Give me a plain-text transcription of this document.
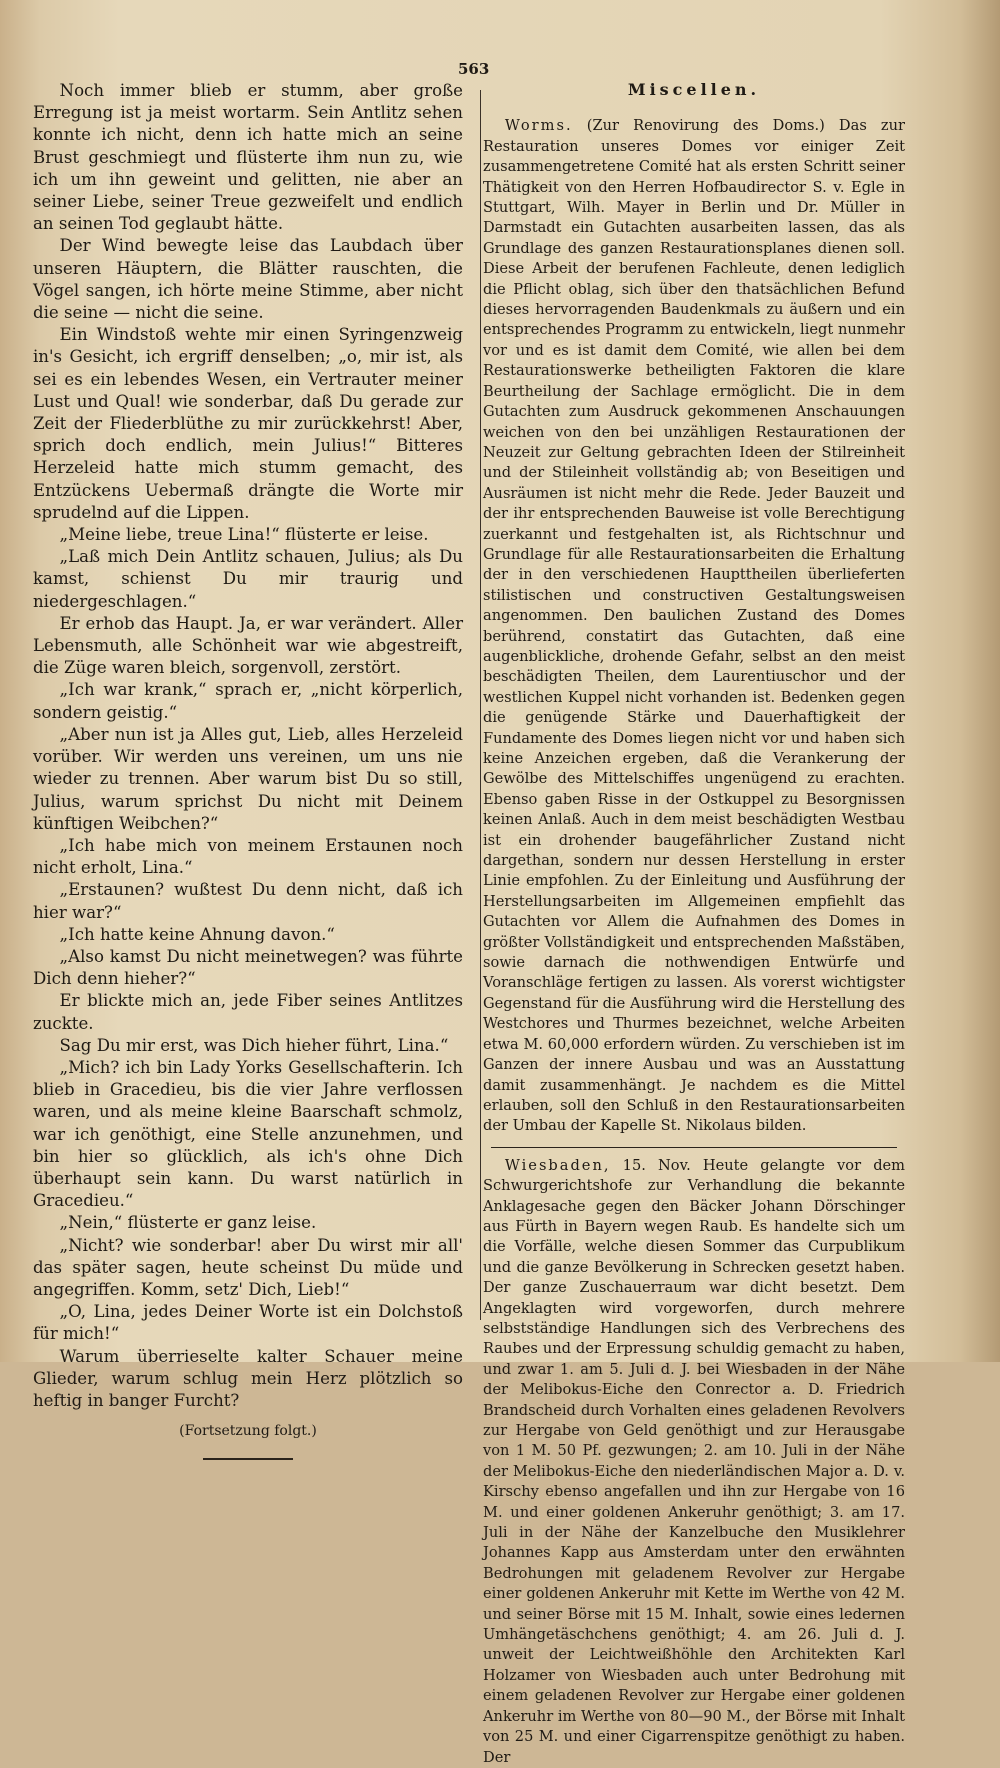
563

Noch immer blieb er stumm, aber große Erregung ist ja meist wortarm. Sein Antlitz sehen konnte ich nicht, denn ich hatte mich an seine Brust geschmiegt und flüsterte ihm nun zu, wie ich um ihn geweint und gelitten, nie aber an seiner Liebe, seiner Treue gezweifelt und endlich an seinen Tod geglaubt hätte.

Der Wind bewegte leise das Laubdach über unseren Häuptern, die Blätter rauschten, die Vögel sangen, ich hörte meine Stimme, aber nicht die seine — nicht die seine.

Ein Windstoß wehte mir einen Syringenzweig in's Gesicht, ich ergriff denselben; „o, mir ist, als sei es ein lebendes Wesen, ein Vertrauter meiner Lust und Qual! wie sonderbar, daß Du gerade zur Zeit der Fliederblüthe zu mir zurückkehrst! Aber, sprich doch endlich, mein Julius!“ Bitteres Herzeleid hatte mich stumm gemacht, des Entzückens Uebermaß drängte die Worte mir sprudelnd auf die Lippen.

„Meine liebe, treue Lina!“ flüsterte er leise.

„Laß mich Dein Antlitz schauen, Julius; als Du kamst, schienst Du mir traurig und niedergeschlagen.“

Er erhob das Haupt. Ja, er war verändert. Aller Lebensmuth, alle Schönheit war wie abgestreift, die Züge waren bleich, sorgenvoll, zerstört.

„Ich war krank,“ sprach er, „nicht körperlich, sondern geistig.“

„Aber nun ist ja Alles gut, Lieb, alles Herzeleid vorüber. Wir werden uns vereinen, um uns nie wieder zu trennen. Aber warum bist Du so still, Julius, warum sprichst Du nicht mit Deinem künftigen Weibchen?“

„Ich habe mich von meinem Erstaunen noch nicht erholt, Lina.“

„Erstaunen? wußtest Du denn nicht, daß ich hier war?“

„Ich hatte keine Ahnung davon.“

„Also kamst Du nicht meinetwegen? was führte Dich denn hieher?“

Er blickte mich an, jede Fiber seines Antlitzes zuckte.

Sag Du mir erst, was Dich hieher führt, Lina.“

„Mich? ich bin Lady Yorks Gesellschafterin. Ich blieb in Gracedieu, bis die vier Jahre verflossen waren, und als meine kleine Baarschaft schmolz, war ich genöthigt, eine Stelle anzunehmen, und bin hier so glücklich, als ich's ohne Dich überhaupt sein kann. Du warst natürlich in Gracedieu.“

„Nein,“ flüsterte er ganz leise.

„Nicht? wie sonderbar! aber Du wirst mir all' das später sagen, heute scheinst Du müde und angegriffen. Komm, setz' Dich, Lieb!“

„O, Lina, jedes Deiner Worte ist ein Dolchstoß für mich!“

Warum überrieselte kalter Schauer meine Glieder, warum schlug mein Herz plötzlich so heftig in banger Furcht?

(Fortsetzung folgt.)

Miscellen.

Worms. (Zur Renovirung des Doms.) Das zur Restauration unseres Domes vor einiger Zeit zusammengetretene Comité hat als ersten Schritt seiner Thätigkeit von den Herren Hofbaudirector S. v. Egle in Stuttgart, Wilh. Mayer in Berlin und Dr. Müller in Darmstadt ein Gutachten ausarbeiten lassen, das als Grundlage des ganzen Restaurationsplanes dienen soll. Diese Arbeit der berufenen Fachleute, denen lediglich die Pflicht oblag, sich über den thatsächlichen Befund dieses hervorragenden Baudenkmals zu äußern und ein entsprechendes Programm zu entwickeln, liegt nunmehr vor und es ist damit dem Comité, wie allen bei dem Restaurationswerke betheiligten Faktoren die klare Beurtheilung der Sachlage ermöglicht. Die in dem Gutachten zum Ausdruck gekommenen Anschauungen weichen von den bei unzähligen Restaurationen der Neuzeit zur Geltung gebrachten Ideen der Stilreinheit und der Stileinheit vollständig ab; von Beseitigen und Ausräumen ist nicht mehr die Rede. Jeder Bauzeit und der ihr entsprechenden Bauweise ist volle Berechtigung zuerkannt und festgehalten ist, als Richtschnur und Grundlage für alle Restaurationsarbeiten die Erhaltung der in den verschiedenen Haupttheilen überlieferten stilistischen und constructiven Gestaltungsweisen angenommen. Den baulichen Zustand des Domes berührend, constatirt das Gutachten, daß eine augenblickliche, drohende Gefahr, selbst an den meist beschädigten Theilen, dem Laurentiuschor und der westlichen Kuppel nicht vorhanden ist. Bedenken gegen die genügende Stärke und Dauerhaftigkeit der Fundamente des Domes liegen nicht vor und haben sich keine Anzeichen ergeben, daß die Verankerung der Gewölbe des Mittelschiffes ungenügend zu erachten. Ebenso gaben Risse in der Ostkuppel zu Besorgnissen keinen Anlaß. Auch in dem meist beschädigten Westbau ist ein drohender baugefährlicher Zustand nicht dargethan, sondern nur dessen Herstellung in erster Linie empfohlen. Zu der Einleitung und Ausführung der Herstellungsarbeiten im Allgemeinen empfiehlt das Gutachten vor Allem die Aufnahmen des Domes in größter Vollständigkeit und entsprechenden Maßstäben, sowie darnach die nothwendigen Entwürfe und Voranschläge fertigen zu lassen. Als vorerst wichtigster Gegenstand für die Ausführung wird die Herstellung des Westchores und Thurmes bezeichnet, welche Arbeiten etwa M. 60,000 erfordern würden. Zu verschieben ist im Ganzen der innere Ausbau und was an Ausstattung damit zusammenhängt. Je nachdem es die Mittel erlauben, soll den Schluß in den Restaurationsarbeiten der Umbau der Kapelle St. Nikolaus bilden.

Wiesbaden, 15. Nov. Heute gelangte vor dem Schwurgerichtshofe zur Verhandlung die bekannte Anklagesache gegen den Bäcker Johann Dörschinger aus Fürth in Bayern wegen Raub. Es handelte sich um die Vorfälle, welche diesen Sommer das Curpublikum und die ganze Bevölkerung in Schrecken gesetzt haben. Der ganze Zuschauerraum war dicht besetzt. Dem Angeklagten wird vorgeworfen, durch mehrere selbstständige Handlungen sich des Verbrechens des Raubes und der Erpressung schuldig gemacht zu haben, und zwar 1. am 5. Juli d. J. bei Wiesbaden in der Nähe der Melibokus-Eiche den Conrector a. D. Friedrich Brandscheid durch Vorhalten eines geladenen Revolvers zur Hergabe von Geld genöthigt und zur Herausgabe von 1 M. 50 Pf. gezwungen; 2. am 10. Juli in der Nähe der Melibokus-Eiche den niederländischen Major a. D. v. Kirschy ebenso angefallen und ihn zur Hergabe von 16 M. und einer goldenen Ankeruhr genöthigt; 3. am 17. Juli in der Nähe der Kanzelbuche den Musiklehrer Johannes Kapp aus Amsterdam unter den erwähnten Bedrohungen mit geladenem Revolver zur Hergabe einer goldenen Ankeruhr mit Kette im Werthe von 42 M. und seiner Börse mit 15 M. Inhalt, sowie eines ledernen Umhängetäschchens genöthigt; 4. am 26. Juli d. J. unweit der Leichtweißhöhle den Architekten Karl Holzamer von Wiesbaden auch unter Bedrohung mit einem geladenen Revolver zur Hergabe einer goldenen Ankeruhr im Werthe von 80—90 M., der Börse mit Inhalt von 25 M. und einer Cigarrenspitze genöthigt zu haben. Der
